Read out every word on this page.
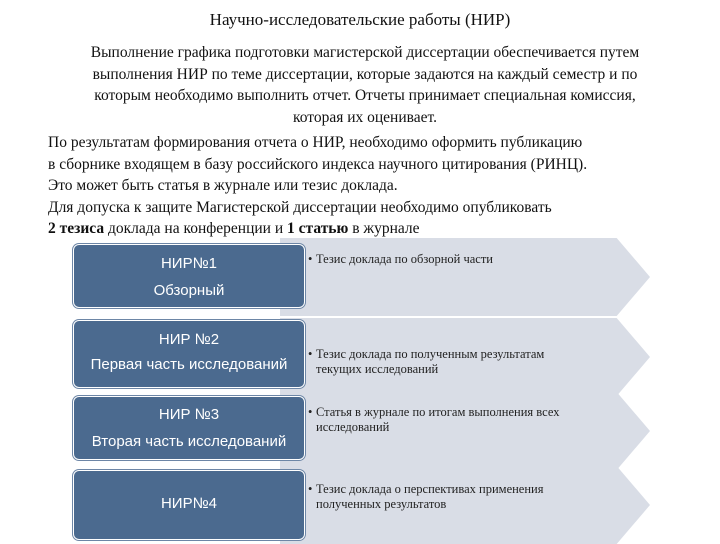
Научно-исследовательские работы (НИР)
Выполнение графика подготовки магистерской диссертации обеспечивается путем
выполнения НИР по теме диссертации, которые задаются на каждый семестр и по
которым необходимо выполнить отчет. Отчеты принимает специальная комиссия,
которая их оценивает.
По результатам формирования отчета о НИР, необходимо оформить публикацию
в сборнике входящем в базу российского индекса научного цитирования (РИНЦ).
Это может быть статья в журнале или тезис доклада.
Для допуска к защите Магистерской диссертации необходимо опубликовать
2 тезиса доклада на конференции и 1 статью в журнале
• Тезис доклада по обзорной части
НИР№1
Обзорный
• Тезис доклада по полученным результатам
текущих исследований
НИР №2
Первая часть исследований
• Статья в журнале по итогам выполнения всех
исследований
НИР №3
Вторая часть исследований
• Тезис доклада о перспективах применения
полученных результатов
НИР№4
